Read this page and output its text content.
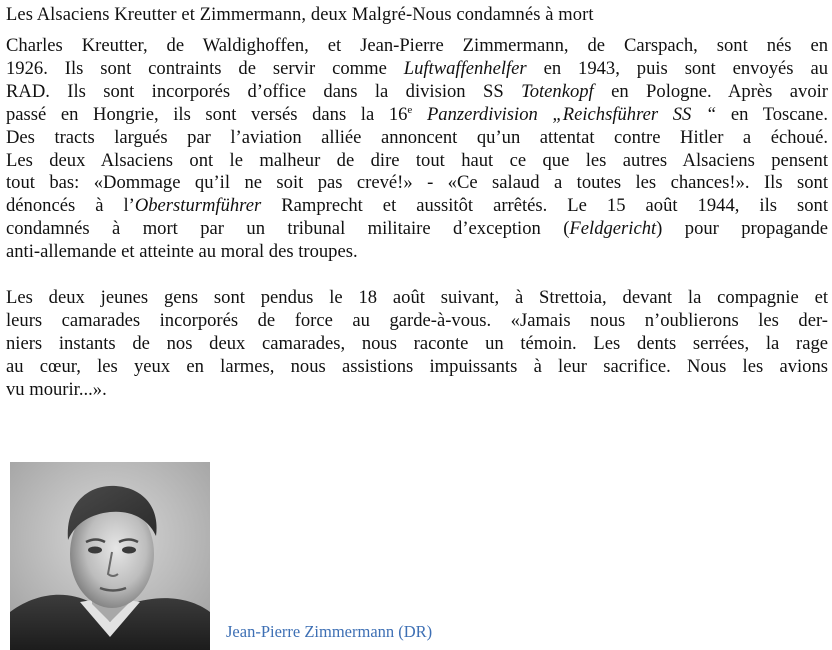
Les Alsaciens Kreutter et Zimmermann, deux Malgré-Nous condamnés à mort
Charles Kreutter, de Waldighoffen, et Jean-Pierre Zimmermann, de Carspach, sont nés en
1926. Ils sont contraints de servir comme Luftwaffenhelfer en 1943, puis sont envoyés au
RAD. Ils sont incorporés d’office dans la division SS Totenkopf en Pologne. Après avoir
passé en Hongrie, ils sont versés dans la 16e Panzerdivision „Reichsführer SS “ en Toscane.
Des tracts largués par l’aviation alliée annoncent qu’un attentat contre Hitler a échoué.
Les deux Alsaciens ont le malheur de dire tout haut ce que les autres Alsaciens pensent
tout bas: «Dommage qu’il ne soit pas crevé!» - «Ce salaud a toutes les chances!». Ils sont
dénoncés à l’Obersturmführer Ramprecht et aussitôt arrêtés. Le 15 août 1944, ils sont
condamnés à mort par un tribunal militaire d’exception (Feldgericht) pour propagande
anti-allemande et atteinte au moral des troupes.
Les deux jeunes gens sont pendus le 18 août suivant, à Strettoia, devant la compagnie et
leurs camarades incorporés de force au garde-à-vous. «Jamais nous n’oublierons les der-
niers instants de nos deux camarades, nous raconte un témoin. Les dents serrées, la rage
au cœur, les yeux en larmes, nous assistions impuissants à leur sacrifice. Nous les avions
vu mourir...».
Jean-Pierre Zimmermann (DR)
